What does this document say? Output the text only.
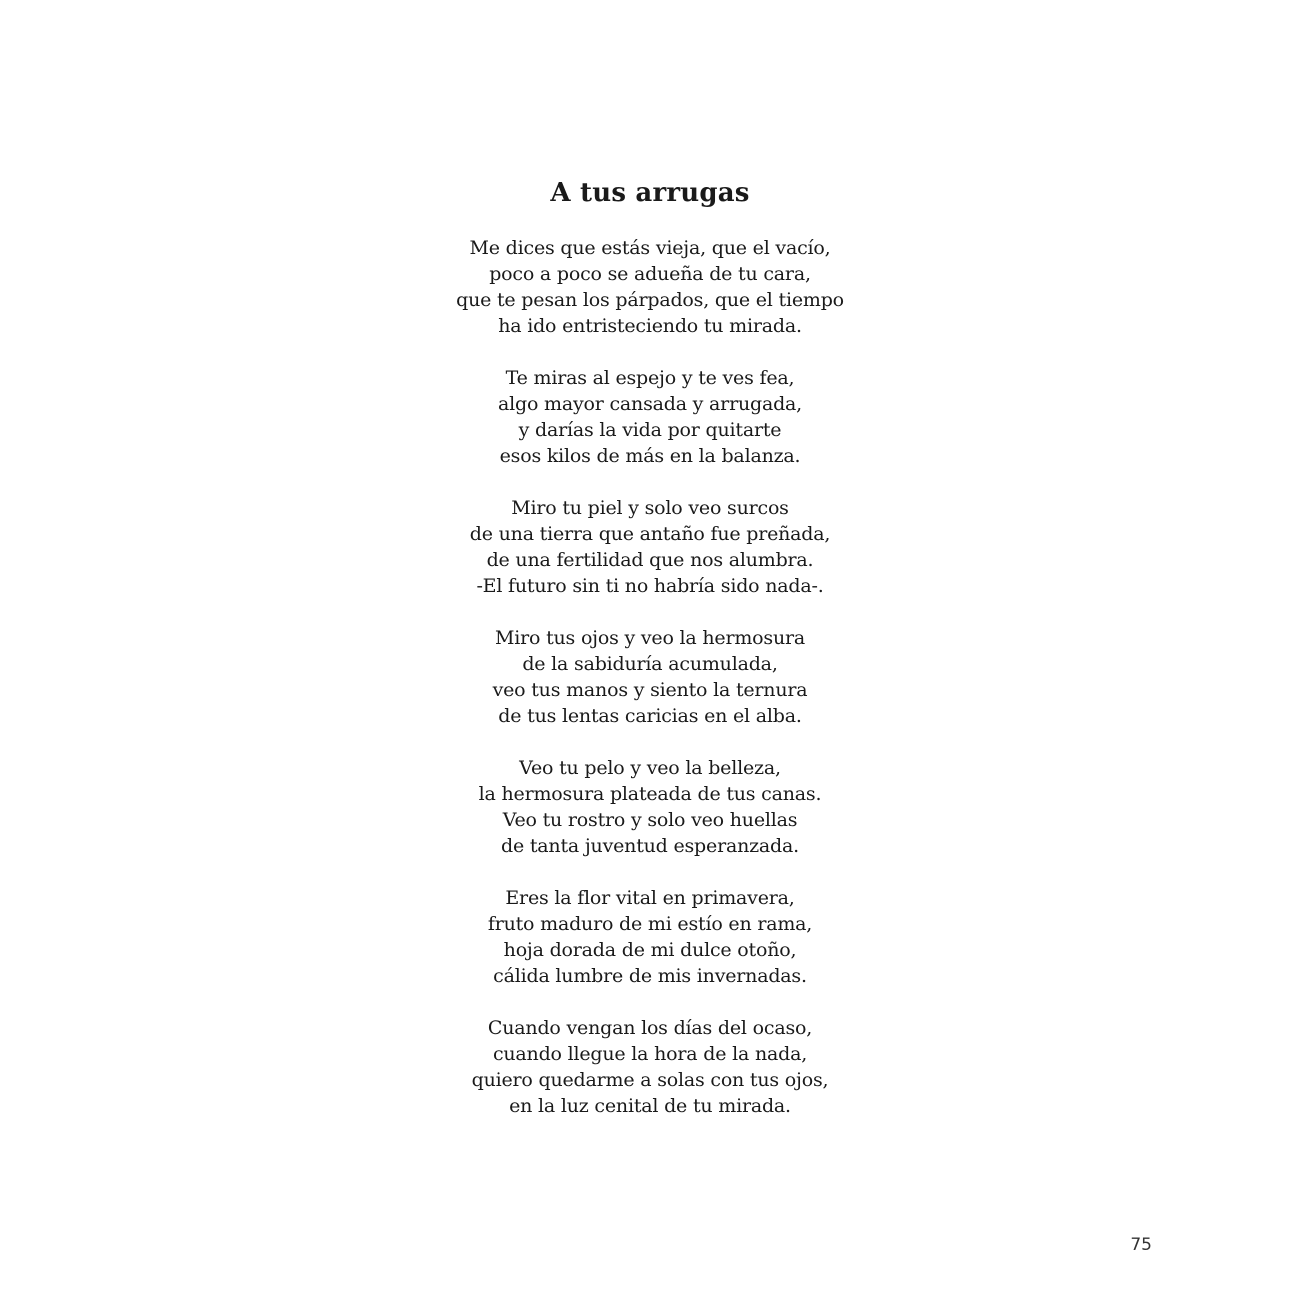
A tus arrugas
Me dices que estás vieja, que el vacío,
poco a poco se adueña de tu cara,
que te pesan los párpados, que el tiempo
ha ido entristeciendo tu mirada.
Te miras al espejo y te ves fea,
algo mayor cansada y arrugada,
y darías la vida por quitarte
esos kilos de más en la balanza.
Miro tu piel y solo veo surcos
de una tierra que antaño fue preñada,
de una fertilidad que nos alumbra.
-El futuro sin ti no habría sido nada-.
Miro tus ojos y veo la hermosura
de la sabiduría acumulada,
veo tus manos y siento la ternura
de tus lentas caricias en el alba.
Veo tu pelo y veo la belleza,
la hermosura plateada de tus canas.
Veo tu rostro y solo veo huellas
de tanta juventud esperanzada.
Eres la flor vital en primavera,
fruto maduro de mi estío en rama,
hoja dorada de mi dulce otoño,
cálida lumbre de mis invernadas.
Cuando vengan los días del ocaso,
cuando llegue la hora de la nada,
quiero quedarme a solas con tus ojos,
en la luz cenital de tu mirada.
75
